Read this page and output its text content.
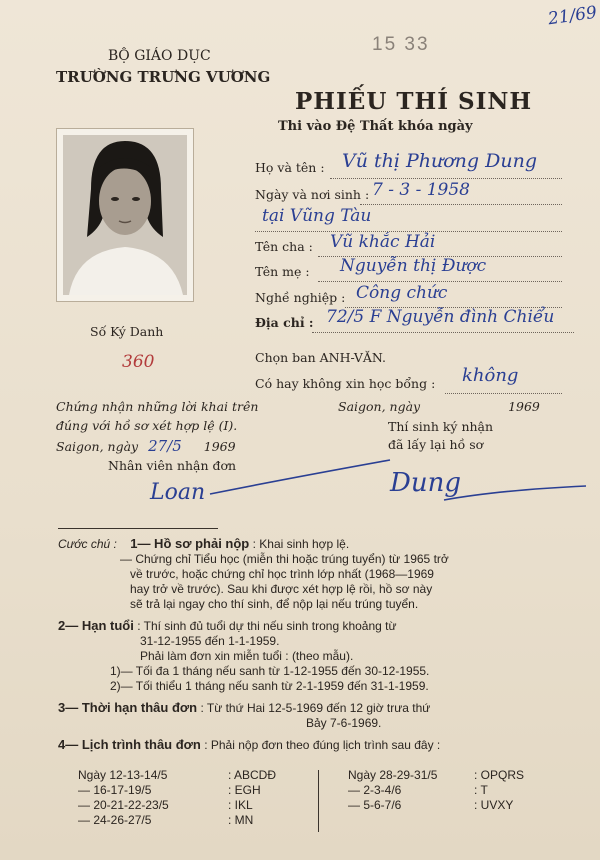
21/69
15 33
BỘ GIÁO DỤC
TRƯỜNG TRƯNG VƯƠNG
PHIẾU THÍ SINH
Thi vào Đệ Thất khóa ngày
Số Ký Danh
360
Họ và tên : Vũ thị Phương Dung
Ngày và nơi sinh : 7 - 3 - 1958
tại Vũng Tàu
Tên cha : Vũ khắc Hải
Tên mẹ : Nguyễn thị Được
Nghề nghiệp : Công chức
Địa chỉ : 72/5 F Nguyễn đình Chiểu
Chọn ban ANH-VĂN.
Có hay không xin học bổng : không
Chứng nhận những lời khai trên
đúng với hồ sơ xét hợp lệ (I).
Saigon, ngày 27/5 1969
Nhân viên nhận đơn
Loan
Saigon, ngày	1969
Thí sinh ký nhận
đã lấy lại hồ sơ
Dung
Cước chú : 1— Hồ sơ phải nộp : Khai sinh hợp lệ.
— Chứng chỉ Tiểu học (miễn thi hoặc trúng tuyển) từ 1965 trở
về trước, hoặc chứng chỉ học trình lớp nhất (1968—1969
hay trở về trước). Sau khi được xét hợp lệ rồi, hồ sơ này
sẽ trả lại ngay cho thí sinh, để nộp lại nếu trúng tuyển.
2— Hạn tuổi : Thí sinh đủ tuổi dự thi nếu sinh trong khoảng từ
31-12-1955 đến 1-1-1959.
Phải làm đơn xin miễn tuổi : (theo mẫu).
1)— Tối đa 1 tháng nếu sanh từ 1-12-1955 đến 30-12-1955.
2)— Tối thiểu 1 tháng nếu sanh từ 2-1-1959 đến 31-1-1959.
3— Thời hạn thâu đơn : Từ thứ Hai 12-5-1969 đến 12 giờ trưa thứ
Bảy 7-6-1969.
4— Lịch trình thâu đơn : Phải nộp đơn theo đúng lịch trình sau đây :
Ngày 12-13-14/5	: ABCDĐ
— 16-17-19/5	: EGH
— 20-21-22-23/5	: IKL
— 24-26-27/5	: MN
Ngày 28-29-31/5	: OPQRS
— 2-3-4/6	: T
— 5-6-7/6	: UVXY
